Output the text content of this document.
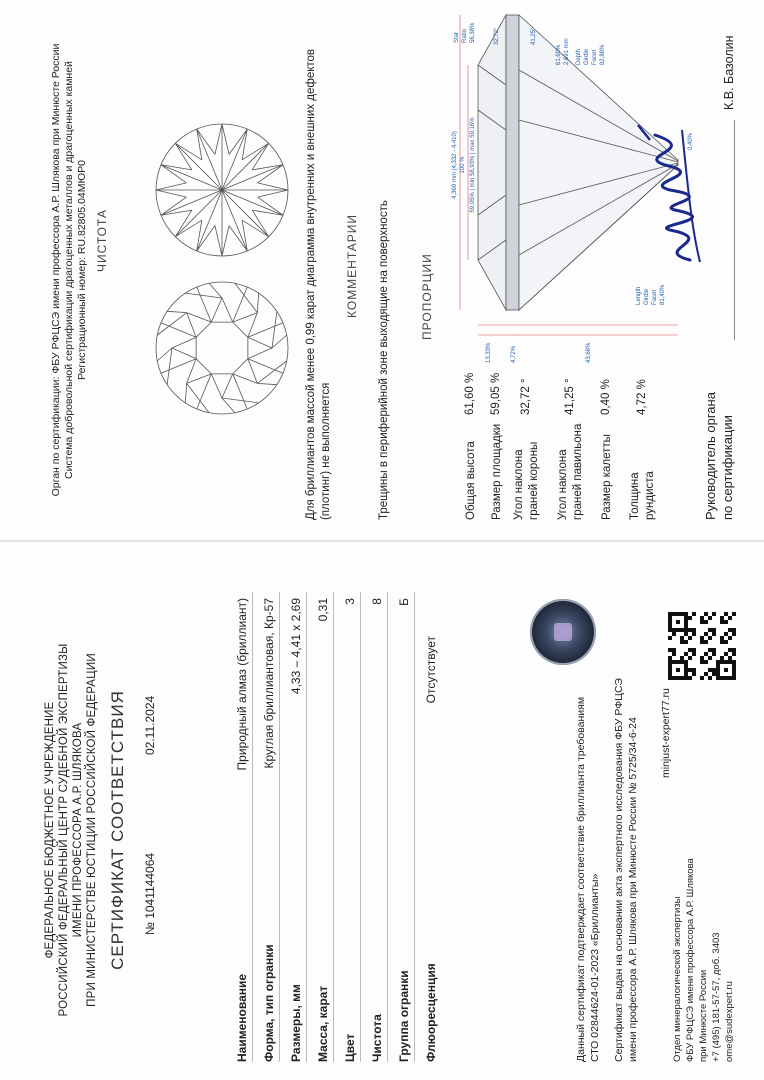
ФЕДЕРАЛЬНОЕ БЮДЖЕТНОЕ УЧРЕЖДЕНИЕ РОССИЙСКИЙ ФЕДЕРАЛЬНЫЙ ЦЕНТР СУДЕБНОЙ ЭКСПЕРТИЗЫ ИМЕНИ ПРОФЕССОРА А.Р. ШЛЯКОВА ПРИ МИНИСТЕРСТВЕ ЮСТИЦИИ РОССИЙСКОЙ ФЕДЕРАЦИИ СЕРТИФИКАТ СООТВЕТСТВИЯ № 1041144064
02.11.2024
Наименование
Природный алмаз (бриллиант)
Форма, тип огранки
Круглая бриллиантовая, Кр-57
Размеры, мм
4,33 – 4,41 х 2,69
Масса, карат
0,31
Цвет
3
Чистота
8
Группа огранки
Б
Флюоресценция
Отсутствует
Данный сертификат подтверждает соответствие бриллианта требованиям СТО 02844624-01-2023 «Бриллианты» Сертификат выдан на основании акта экспертного исследования ФБУ РФЦСЭ имени профессора А.Р. Шлякова при Минюсте России № 5725/34-6-24 minjust-expert77.ru
Отдел минералогической экспертизы ФБУ РФЦСЭ имени профессора А.Р. Шлякова при Минюсте России +7 (495) 181-57-57, доб. 3403 ome@sudexpert.ru
Орган по сертификации: ФБУ РФЦСЭ имени профессора А.Р. Шлякова при Минюсте России Система добровольной сертификации драгоценных металлов и драгоценных камней Регистрационный номер: RU.82805.04МЮР0 ЧИСТОТА	Для бриллиантов массой менее 0,99 карат диаграмма внутренних и внешних дефектов (плотинг) не выполняется
КОММЕНТАРИИ Трещины в периферийной зоне выходящие на поверхность	ПРОПОРЦИИ
Общая высота
61,60 %
Размер площадки
59,05 %
Угол наклона граней короны
32,72 °
Угол наклона граней павильона
41,25 °
Размер калетты
0,40 %
Толщина рундиста
4,72 %
4,369 mm (4,332 - 4,410) 100 % 59,05% | min 58,93% | max 59,16%
13,33%	4,72%	43,68%
32,72°	41,25°
0,40%
Star Ratio 56,38%
61,60% 2,691 mm Depth Girdle Facet 82,88%
Length Girdle Facet 81,40%
Руководитель органа по сертификации
К.В. Базолин
